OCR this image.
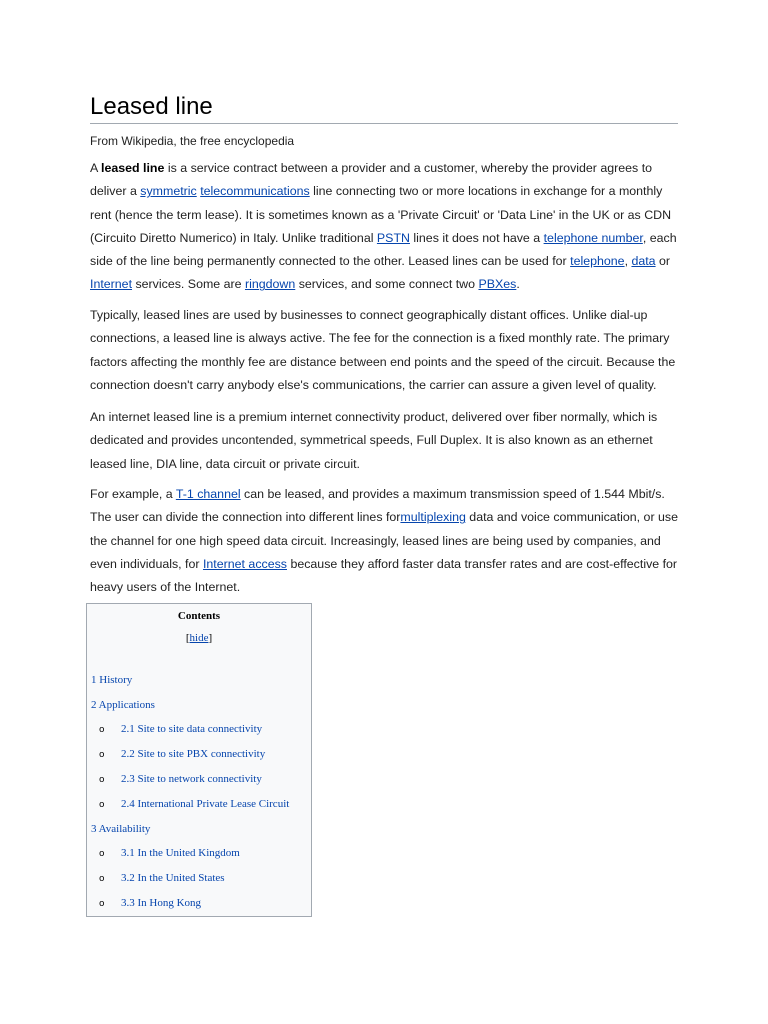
Leased line
From Wikipedia, the free encyclopedia

A leased line is a service contract between a provider and a customer, whereby the provider agrees to deliver a symmetric telecommunications line connecting two or more locations in exchange for a monthly rent (hence the term lease). It is sometimes known as a 'Private Circuit' or 'Data Line' in the UK or as CDN (Circuito Diretto Numerico) in Italy. Unlike traditional PSTN lines it does not have a telephone number, each side of the line being permanently connected to the other. Leased lines can be used for telephone, data or Internet services. Some are ringdown services, and some connect two PBXes.

Typically, leased lines are used by businesses to connect geographically distant offices. Unlike dial-up connections, a leased line is always active. The fee for the connection is a fixed monthly rate. The primary factors affecting the monthly fee are distance between end points and the speed of the circuit. Because the connection doesn't carry anybody else's communications, the carrier can assure a given level of quality.

An internet leased line is a premium internet connectivity product, delivered over fiber normally, which is dedicated and provides uncontended, symmetrical speeds, Full Duplex. It is also known as an ethernet leased line, DIA line, data circuit or private circuit.

For example, a T-1 channel can be leased, and provides a maximum transmission speed of 1.544 Mbit/s. The user can divide the connection into different lines formultiplexing data and voice communication, or use the channel for one high speed data circuit. Increasingly, leased lines are being used by companies, and even individuals, for Internet access because they afford faster data transfer rates and are cost-effective for heavy users of the Internet.

Contents
[hide]
1 History
2 Applications
o 2.1 Site to site data connectivity
o 2.2 Site to site PBX connectivity
o 2.3 Site to network connectivity
o 2.4 International Private Lease Circuit
3 Availability
o 3.1 In the United Kingdom
o 3.2 In the United States
o 3.3 In Hong Kong
